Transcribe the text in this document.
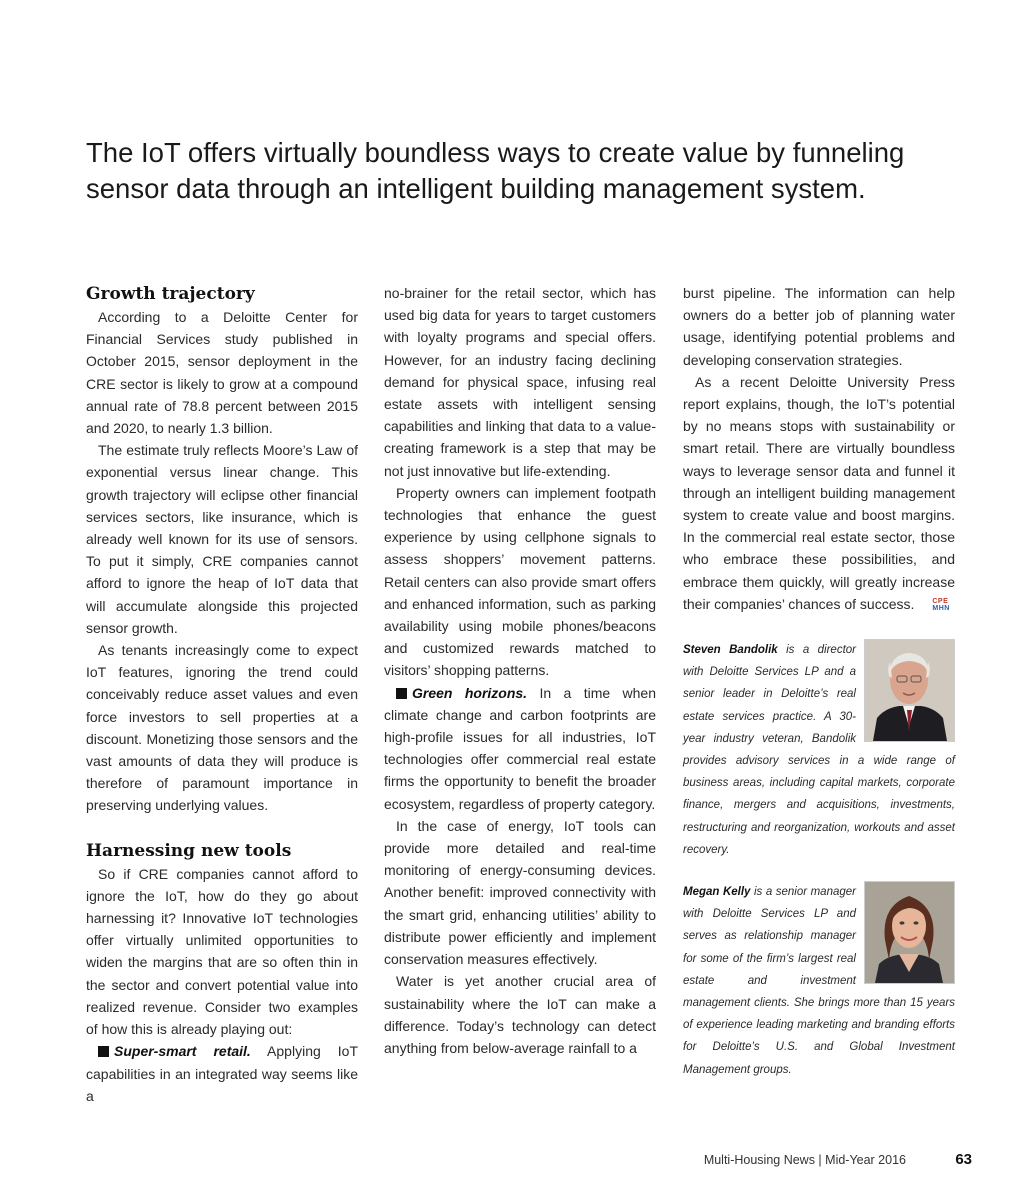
The IoT offers virtually boundless ways to create value by funneling sensor data through an intelligent building management system.
Growth trajectory

According to a Deloitte Center for Financial Services study published in October 2015, sensor deployment in the CRE sector is likely to grow at a compound annual rate of 78.8 percent between 2015 and 2020, to nearly 1.3 billion.

The estimate truly reflects Moore’s Law of exponential versus linear change. This growth trajectory will eclipse other financial services sectors, like insurance, which is already well known for its use of sensors. To put it simply, CRE companies cannot afford to ignore the heap of IoT data that will accumulate alongside this projected sensor growth.

As tenants increasingly come to expect IoT features, ignoring the trend could conceivably reduce asset values and even force investors to sell properties at a discount. Monetizing those sensors and the vast amounts of data they will produce is therefore of paramount importance in preserving underlying values.

Harnessing new tools

So if CRE companies cannot afford to ignore the IoT, how do they go about harnessing it? Innovative IoT technologies offer virtually unlimited opportunities to widen the margins that are so often thin in the sector and convert potential value into realized revenue. Consider two examples of how this is already playing out:

Super-smart retail. Applying IoT capabilities in an integrated way seems like a

no-brainer for the retail sector, which has used big data for years to target customers with loyalty programs and special offers. However, for an industry facing declining demand for physical space, infusing real estate assets with intelligent sensing capabilities and linking that data to a value-creating framework is a step that may be not just innovative but life-extending.

Property owners can implement footpath technologies that enhance the guest experience by using cellphone signals to assess shoppers’ movement patterns. Retail centers can also provide smart offers and enhanced information, such as parking availability using mobile phones/beacons and customized rewards matched to visitors’ shopping patterns.

Green horizons. In a time when climate change and carbon footprints are high-profile issues for all industries, IoT technologies offer commercial real estate firms the opportunity to benefit the broader ecosystem, regardless of property category.

In the case of energy, IoT tools can provide more detailed and real-time monitoring of energy-consuming devices. Another benefit: improved connectivity with the smart grid, enhancing utilities’ ability to distribute power efficiently and implement conservation measures effectively.

Water is yet another crucial area of sustainability where the IoT can make a difference. Today’s technology can detect anything from below-average rainfall to a

burst pipeline. The information can help owners do a better job of planning water usage, identifying potential problems and developing conservation strategies.

As a recent Deloitte University Press report explains, though, the IoT’s potential by no means stops with sustainability or smart retail. There are virtually boundless ways to leverage sensor data and funnel it through an intelligent building management system to create value and boost margins. In the commercial real estate sector, those who embrace these possibilities, and embrace them quickly, will greatly increase their companies’ chances of success.	CPE
MHN

Steven Bandolik is a director with Deloitte Services LP and a senior leader in Deloitte’s real estate services practice. A 30-year industry veteran, Bandolik provides advisory services in a wide range of business areas, including capital markets, corporate finance, mergers and acquisitions, investments, restructuring and reorganization, workouts and asset recovery.

Megan Kelly is a senior manager with Deloitte Services LP and serves as relationship manager for some of the firm’s largest real estate and investment management clients. She brings more than 15 years of experience leading marketing and branding efforts for Deloitte’s U.S. and Global Investment Management groups.

Multi-Housing News | Mid-Year 2016	63
